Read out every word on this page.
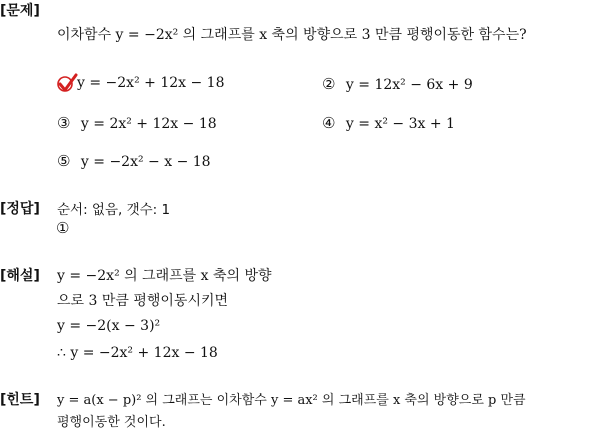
[문제]
이차함수 y = −2x² 의 그래프를 x 축의 방향으로 3 만큼 평행이동한 함수는?
y = −2x² + 12x − 18	② y = 12x² − 6x + 9
③ y = 2x² + 12x − 18	④ y = x² − 3x + 1
⑤ y = −2x² − x − 18
[정답] 순서: 없음, 갯수: 1
①
[해설] y = −2x² 의 그래프를 x 축의 방향
으로 3 만큼 평행이동시키면
y = −2(x − 3)²
∴ y = −2x² + 12x − 18
[힌트] y = a(x − p)² 의 그래프는 이차함수 y = ax² 의 그래프를 x 축의 방향으로 p 만큼
평행이동한 것이다.
